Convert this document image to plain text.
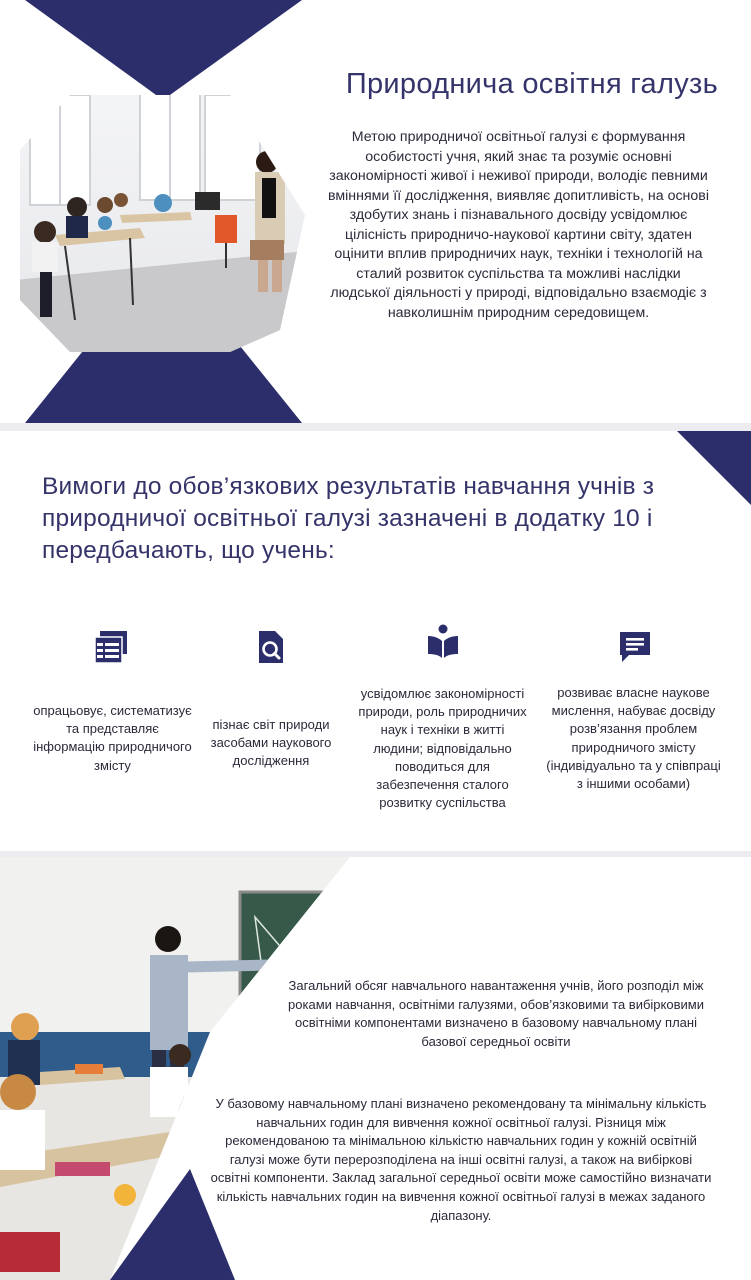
Природнича освітня галузь
Метою природничої освітньої галузі є формування особистості учня, який знає та розуміє основні закономірності живої і неживої природи, володіє певними вміннями її дослідження, виявляє допитливість, на основі здобутих знань і пізнавального досвіду усвідомлює цілісність природничо-наукової картини світу, здатен оцінити вплив природничих наук, техніки і технологій на сталий розвиток суспільства та можливі наслідки людської діяльності у природі, відповідально взаємодіє з навколишнім природним середовищем.
Вимоги до обов’язкових результатів навчання учнів з природничої освітньої галузі зазначені в додатку 10 і передбачають, що учень:
опрацьовує, систематизує та представляє інформацію природничого змісту
пізнає світ природи засобами наукового дослідження
усвідомлює закономірності природи, роль природничих наук і техніки в житті людини; відповідально поводиться для забезпечення сталого розвитку суспільства
розвиває власне наукове мислення, набуває досвіду розв’язання проблем природничого змісту (індивідуально та у співпраці з іншими особами)
Загальний обсяг навчального навантаження учнів, його розподіл між роками навчання, освітніми галузями, обов’язковими та вибірковими освітніми компонентами визначено в базовому навчальному плані базової середньої освіти
У базовому навчальному плані визначено рекомендовану та мінімальну кількість навчальних годин для вивчення кожної освітньої галузі. Різниця між рекомендованою та мінімальною кількістю навчальних годин у кожній освітній галузі може бути перерозподілена на інші освітні галузі, а також на вибіркові освітні компоненти. Заклад загальної середньої освіти може самостійно визначати кількість навчальних годин на вивчення кожної освітньої галузі в межах заданого діапазону.
